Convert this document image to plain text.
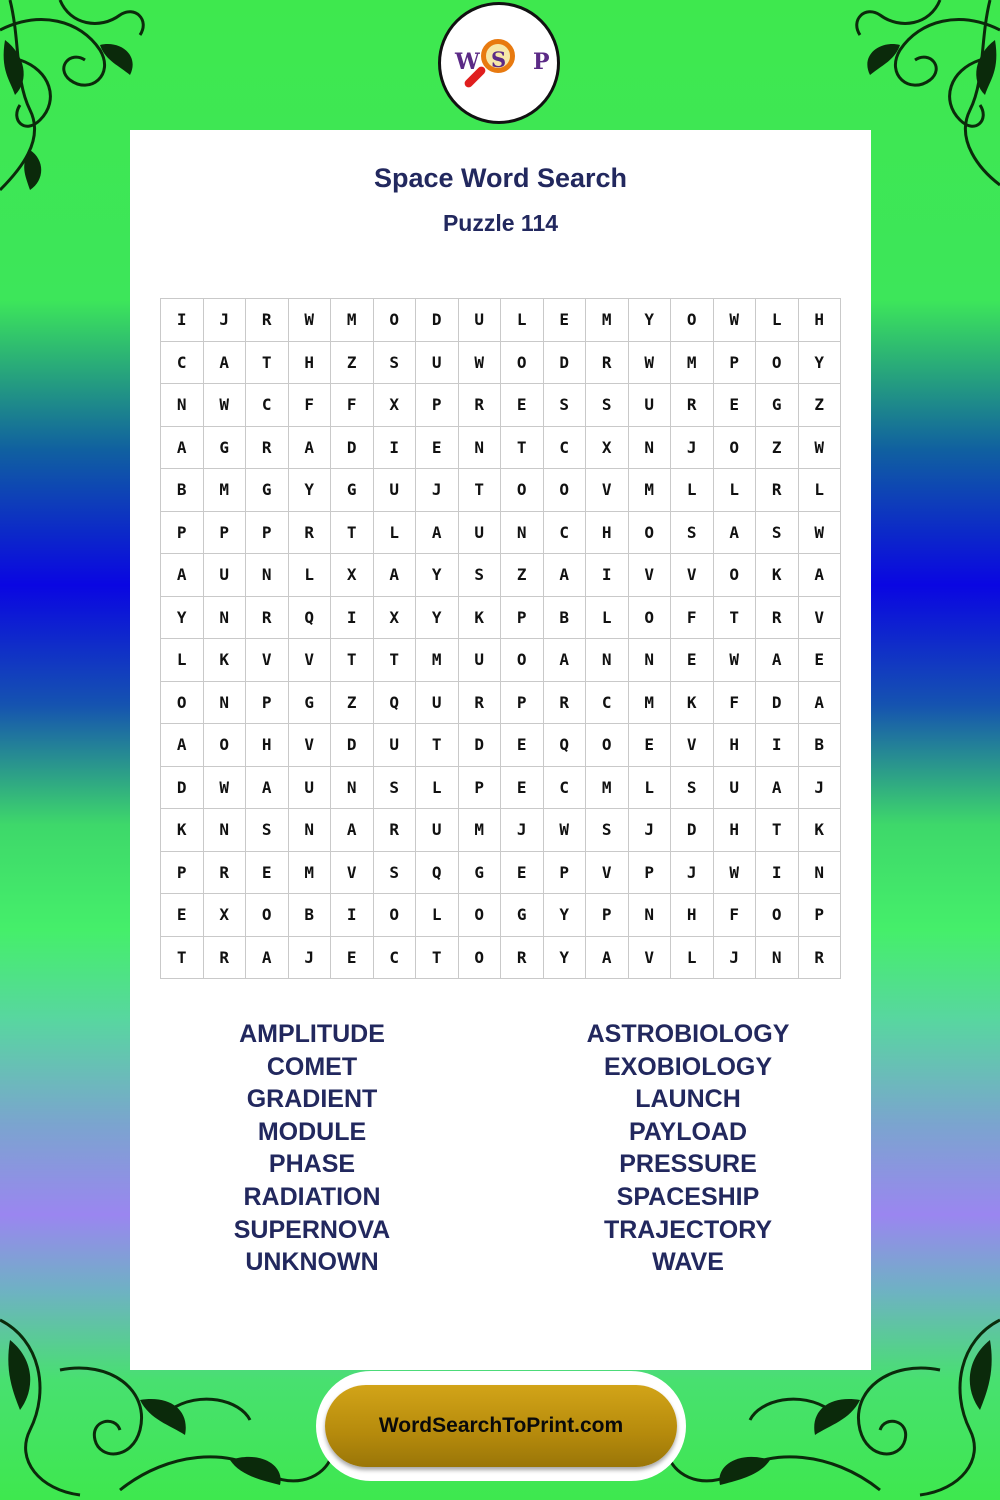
W S P
Space Word Search
Puzzle 114
I	J	R	W	M	O	D	U	L	E	M	Y	O	W	L	H
C	A	T	H	Z	S	U	W	O	D	R	W	M	P	O	Y
N	W	C	F	F	X	P	R	E	S	S	U	R	E	G	Z
A	G	R	A	D	I	E	N	T	C	X	N	J	O	Z	W
B	M	G	Y	G	U	J	T	O	O	V	M	L	L	R	L
P	P	P	R	T	L	A	U	N	C	H	O	S	A	S	W
A	U	N	L	X	A	Y	S	Z	A	I	V	V	O	K	A
Y	N	R	Q	I	X	Y	K	P	B	L	O	F	T	R	V
L	K	V	V	T	T	M	U	O	A	N	N	E	W	A	E
O	N	P	G	Z	Q	U	R	P	R	C	M	K	F	D	A
A	O	H	V	D	U	T	D	E	Q	O	E	V	H	I	B
D	W	A	U	N	S	L	P	E	C	M	L	S	U	A	J
K	N	S	N	A	R	U	M	J	W	S	J	D	H	T	K
P	R	E	M	V	S	Q	G	E	P	V	P	J	W	I	N
E	X	O	B	I	O	L	O	G	Y	P	N	H	F	O	P
T	R	A	J	E	C	T	O	R	Y	A	V	L	J	N	R
AMPLITUDE
COMET
GRADIENT
MODULE
PHASE
RADIATION
SUPERNOVA
UNKNOWN
ASTROBIOLOGY
EXOBIOLOGY
LAUNCH
PAYLOAD
PRESSURE
SPACESHIP
TRAJECTORY
WAVE
WordSearchToPrint.com
